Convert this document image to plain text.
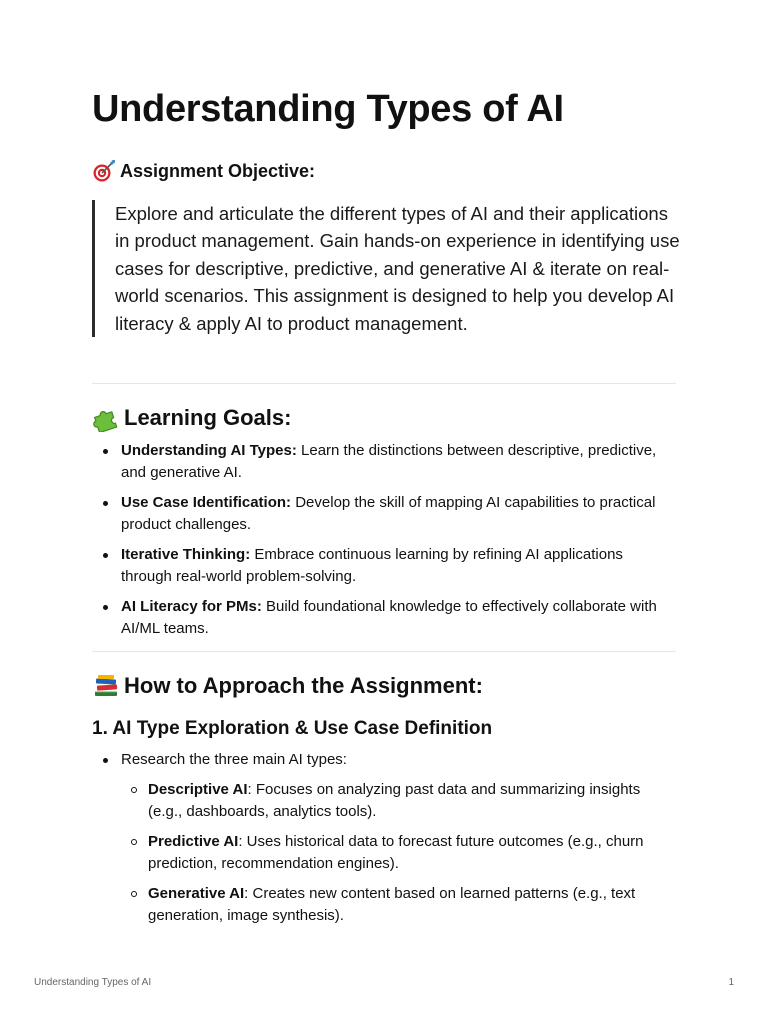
Understanding Types of AI
Assignment Objective:
Explore and articulate the different types of AI and their applications in product management. Gain hands-on experience in identifying use cases for descriptive, predictive, and generative AI & iterate on real-world scenarios. This assignment is designed to help you develop AI literacy & apply AI to product management.
Learning Goals:
Understanding AI Types: Learn the distinctions between descriptive, predictive, and generative AI.
Use Case Identification: Develop the skill of mapping AI capabilities to practical product challenges.
Iterative Thinking: Embrace continuous learning by refining AI applications through real-world problem-solving.
AI Literacy for PMs: Build foundational knowledge to effectively collaborate with AI/ML teams.
How to Approach the Assignment:
1. AI Type Exploration & Use Case Definition
Research the three main AI types:
Descriptive AI: Focuses on analyzing past data and summarizing insights (e.g., dashboards, analytics tools).
Predictive AI: Uses historical data to forecast future outcomes (e.g., churn prediction, recommendation engines).
Generative AI: Creates new content based on learned patterns (e.g., text generation, image synthesis).
Understanding Types of AI	1
